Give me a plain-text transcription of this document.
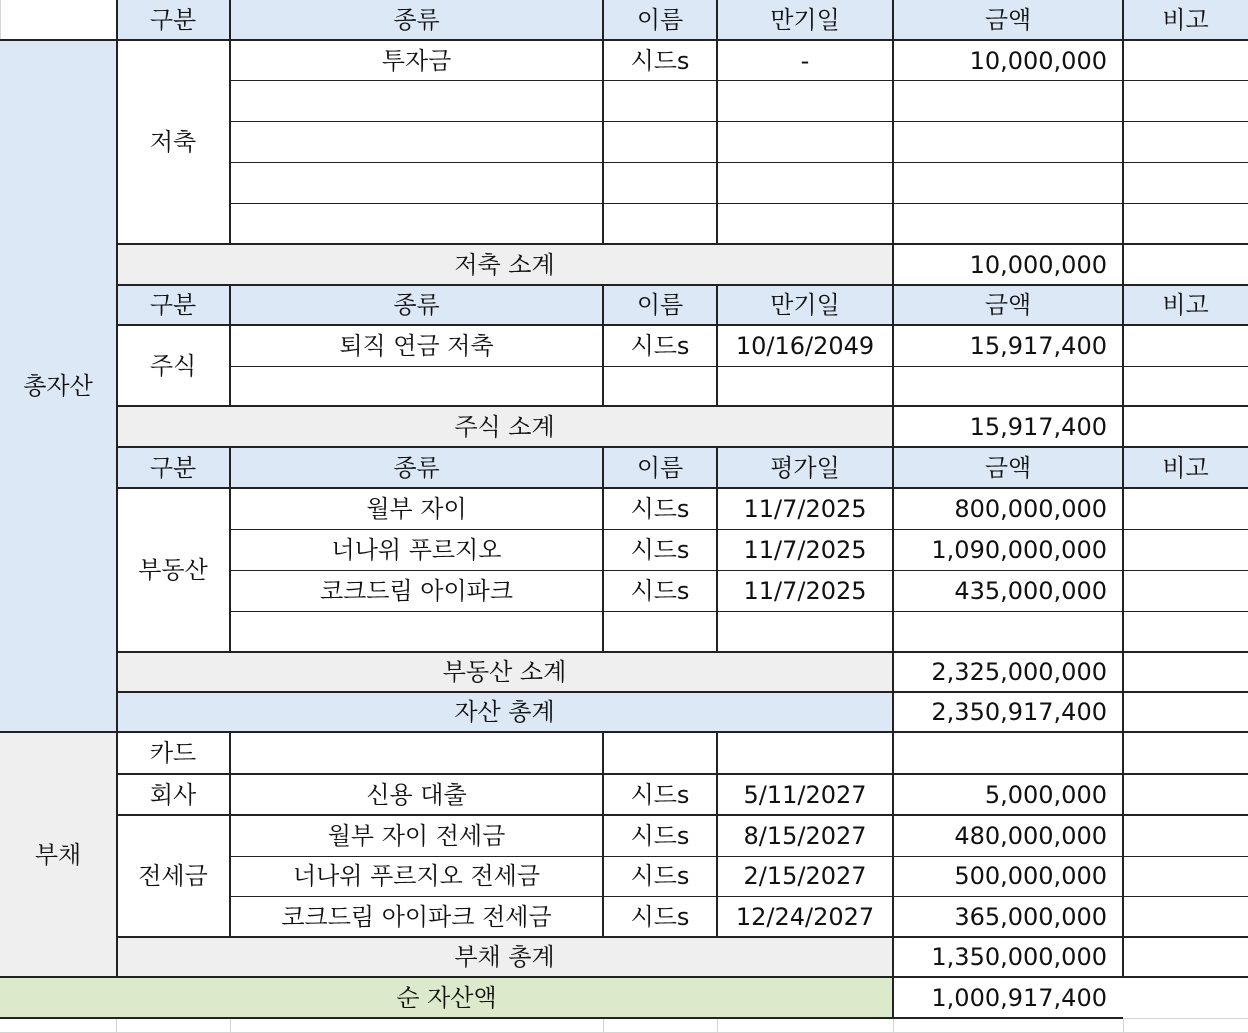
구분	종류	이름	만기일	금액	비고
총자산
저축
투자금	시드s	-	10,000,000
저축 소계	10,000,000
구분	종류	이름	만기일	금액	비고
주식
퇴직 연금 저축	시드s	10/16/2049	15,917,400
주식 소계	15,917,400
구분	종류	이름	평가일	금액	비고
부동산
월부 자이	시드s	11/7/2025	800,000,000
너나위 푸르지오	시드s	11/7/2025	1,090,000,000
코크드림 아이파크	시드s	11/7/2025	435,000,000
부동산 소계	2,325,000,000
자산 총계	2,350,917,400
부채
카드
회사	신용 대출	시드s	5/11/2027	5,000,000
전세금
월부 자이 전세금	시드s	8/15/2027	480,000,000
너나위 푸르지오 전세금	시드s	2/15/2027	500,000,000
코크드림 아이파크 전세금	시드s	12/24/2027	365,000,000
부채 총계	1,350,000,000
순 자산액	1,000,917,400
